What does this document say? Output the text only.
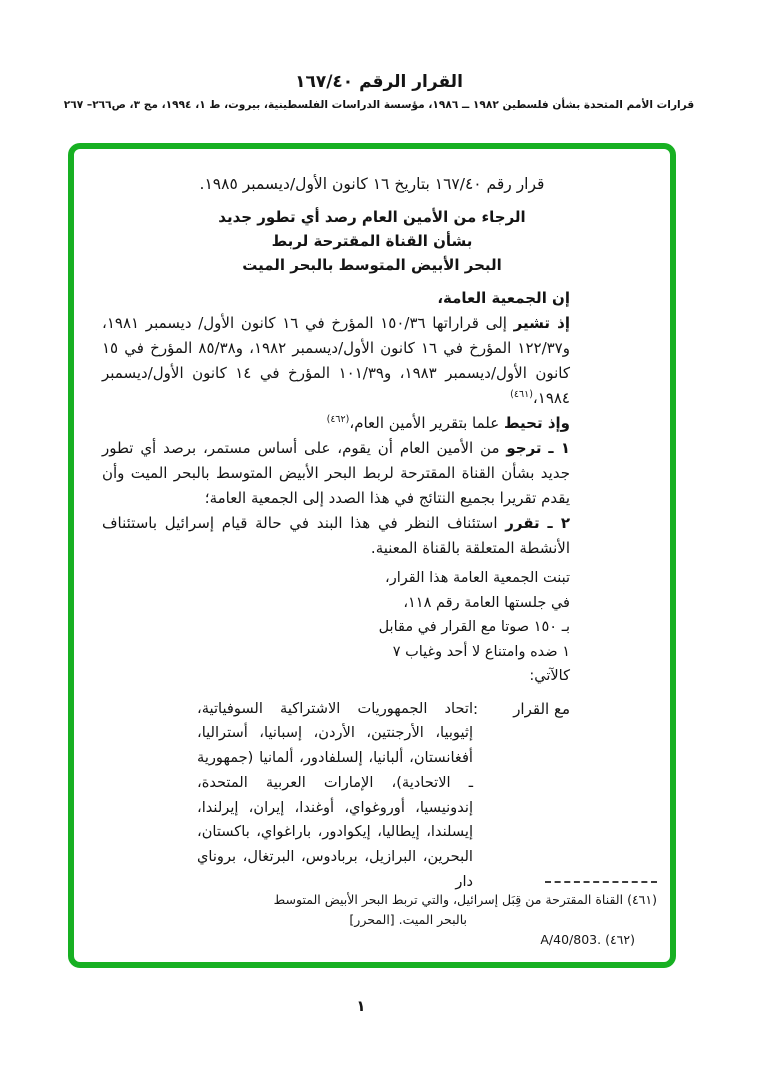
القرار الرقم ١٦٧/٤٠
قرارات الأمم المتحدة بشأن فلسطين ١٩٨٢ ــ ١٩٨٦، مؤسسة الدراسات الفلسطينية، بيروت، ط ١، ١٩٩٤، مج ٣، ص٢٦٦– ٢٦٧
قرار رقم ١٦٧/٤٠ بتاريخ ١٦ كانون الأول/ديسمبر ١٩٨٥.
الرجاء من الأمين العام رصد أي تطور جديد
بشأن القناة المقترحة لربط
البحر الأبيض المتوسط بالبحر الميت

إن الجمعية العامة،

إذ تشير إلى قراراتها ١٥٠/٣٦ المؤرخ في ١٦ كانون الأول/ ديسمبر ١٩٨١، و١٢٢/٣٧ المؤرخ في ١٦ كانون الأول/ديسمبر ١٩٨٢، و٨٥/٣٨ المؤرخ في ١٥ كانون الأول/ديسمبر ١٩٨٣، و١٠١/٣٩ المؤرخ في ١٤ كانون الأول/ديسمبر ١٩٨٤،$^{(٤٦١)}$

وإذ تحيط علما بتقرير الأمين العام،$^{(٤٦٢)}$

١ ـ ترجو من الأمين العام أن يقوم، على أساس مستمر، برصد أي تطور جديد بشأن القناة المقترحة لربط البحر الأبيض المتوسط بالبحر الميت وأن يقدم تقريرا بجميع النتائج في هذا الصدد إلى الجمعية العامة؛

٢ ـ تقرر استئناف النظر في هذا البند في حالة قيام إسرائيل باستئناف الأنشطة المتعلقة بالقناة المعنية.

تبنت الجمعية العامة هذا القرار،
في جلستها العامة رقم ١١٨،
بـ ١٥٠ صوتا مع القرار في مقابل
١ ضده وامتناع لا أحد وغياب ٧
كالآتي:
مع القرار
:
اتحاد الجمهوريات الاشتراكية السوفياتية، إثيوبيا، الأرجنتين، الأردن، إسبانيا، أستراليا، أفغانستان، ألبانيا، إلسلفادور، ألمانيا (جمهورية ـ الاتحادية)، الإمارات العربية المتحدة، إندونيسيا، أوروغواي، أوغندا، إيران، إيرلندا، إيسلندا، إيطاليا، إيكوادور، باراغواي، باكستان، البحرين، البرازيل، بربادوس، البرتغال، بروناي دار
(٤٦١) القناة المقترحة من قِبَل إسرائيل، والتي تربط البحر الأبيض المتوسط
بالبحر الميت. [المحرر]
(٤٦٢) A/40/803.
١
